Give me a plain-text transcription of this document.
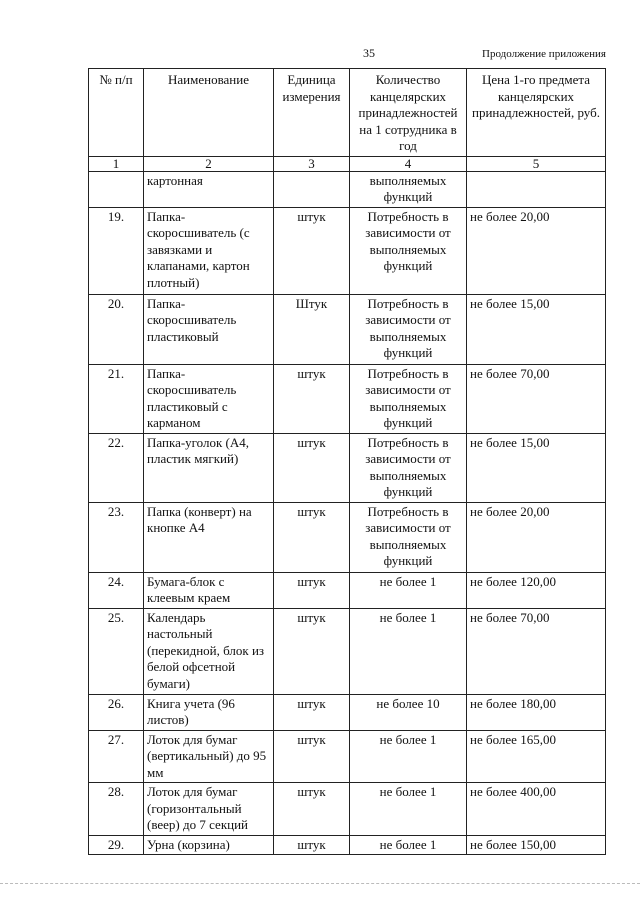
35	Продолжение приложения
№ п/п	Наименование	Единица измерения	Количество канцелярских принадлежностей на 1 сотрудника в год	Цена 1-го предмета канцелярских принадлежностей, руб.
1	2	3	4	5
	картонная		выполняемых функций	
19.	Папка-скоросшиватель (с завязками и клапанами, картон плотный)	штук	Потребность в зависимости от выполняемых функций	не более 20,00
20.	Папка-скоросшиватель пластиковый	Штук	Потребность в зависимости от выполняемых функций	не более 15,00
21.	Папка-скоросшиватель пластиковый с карманом	штук	Потребность в зависимости от выполняемых функций	не более 70,00
22.	Папка-уголок (А4, пластик мягкий)	штук	Потребность в зависимости от выполняемых функций	не более 15,00
23.	Папка (конверт) на кнопке А4	штук	Потребность в зависимости от выполняемых функций	не более 20,00
24.	Бумага-блок с клеевым краем	штук	не более 1	не более 120,00
25.	Календарь настольный (перекидной, блок из белой офсетной бумаги)	штук	не более 1	не более 70,00
26.	Книга учета (96 листов)	штук	не более 10	не более 180,00
27.	Лоток для бумаг (вертикальный) до 95 мм	штук	не более 1	не более 165,00
28.	Лоток для бумаг (горизонтальный (веер) до 7 секций	штук	не более 1	не более 400,00
29.	Урна (корзина)	штук	не более 1	не более 150,00
